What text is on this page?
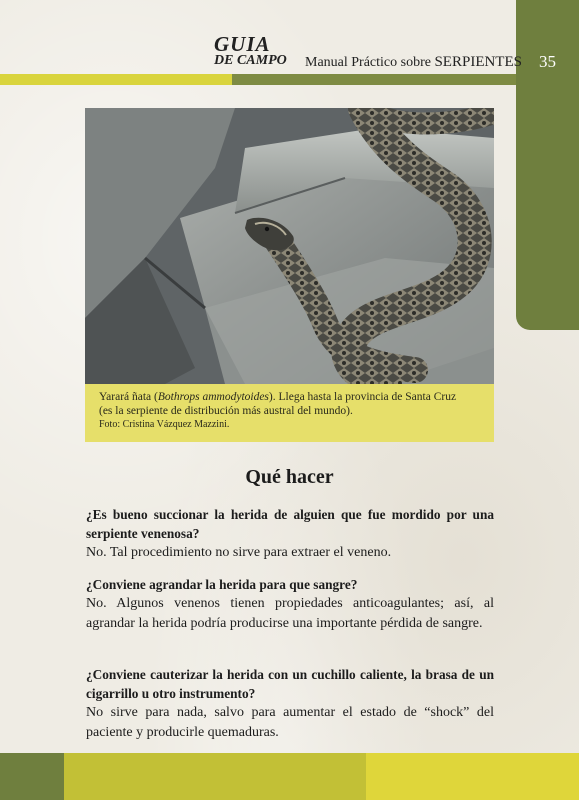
35
GUIA
DE CAMPO Manual Práctico sobre SERPIENTES
Yarará ñata (Bothrops ammodytoides). Llega hasta la provincia de Santa Cruz
(es la serpiente de distribución más austral del mundo).
Foto: Cristina Vázquez Mazzini.
Qué hacer
¿Es bueno succionar la herida de alguien que fue mordido por una serpiente venenosa?
No. Tal procedimiento no sirve para extraer el veneno.
¿Conviene agrandar la herida para que sangre?
No. Algunos venenos tienen propiedades anticoagulantes; así, al agrandar la herida podría producirse una importante pérdida de sangre.
¿Conviene cauterizar la herida con un cuchillo caliente, la brasa de un cigarrillo u otro instrumento?
No sirve para nada, salvo para aumentar el estado de “shock” del paciente y producirle quemaduras.
